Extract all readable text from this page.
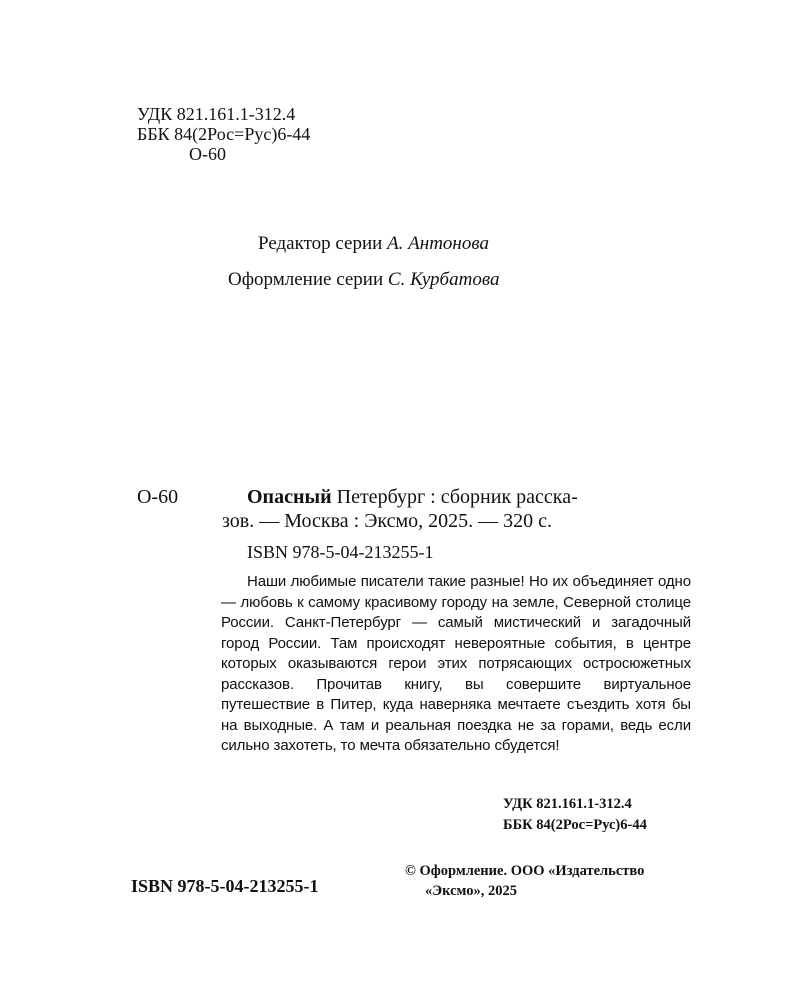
УДК 821.161.1-312.4
ББК 84(2Рос=Рус)6-44
О-60
Редактор серии А. Антонова
Оформление серии С. Курбатова
О-60	Опасный Петербург : сборник расска-
зов. — Москва : Эксмо, 2025. — 320 с.
ISBN 978-5-04-213255-1
Наши любимые писатели такие разные! Но их объединяет одно — любовь к самому красивому городу на земле, Северной столице России. Санкт-Петербург — самый мистический и загадочный город России. Там происходят невероятные события, в центре которых оказываются герои этих потрясающих остросюжетных рассказов. Прочитав книгу, вы совершите виртуальное путешествие в Питер, куда наверняка мечтаете съездить хотя бы на выходные. А там и реальная поездка не за горами, ведь если сильно захотеть, то мечта обязательно сбудется!
УДК 821.161.1-312.4
ББК 84(2Рос=Рус)6-44
ISBN 978-5-04-213255-1
© Оформление. ООО «Издательство
«Эксмо», 2025
